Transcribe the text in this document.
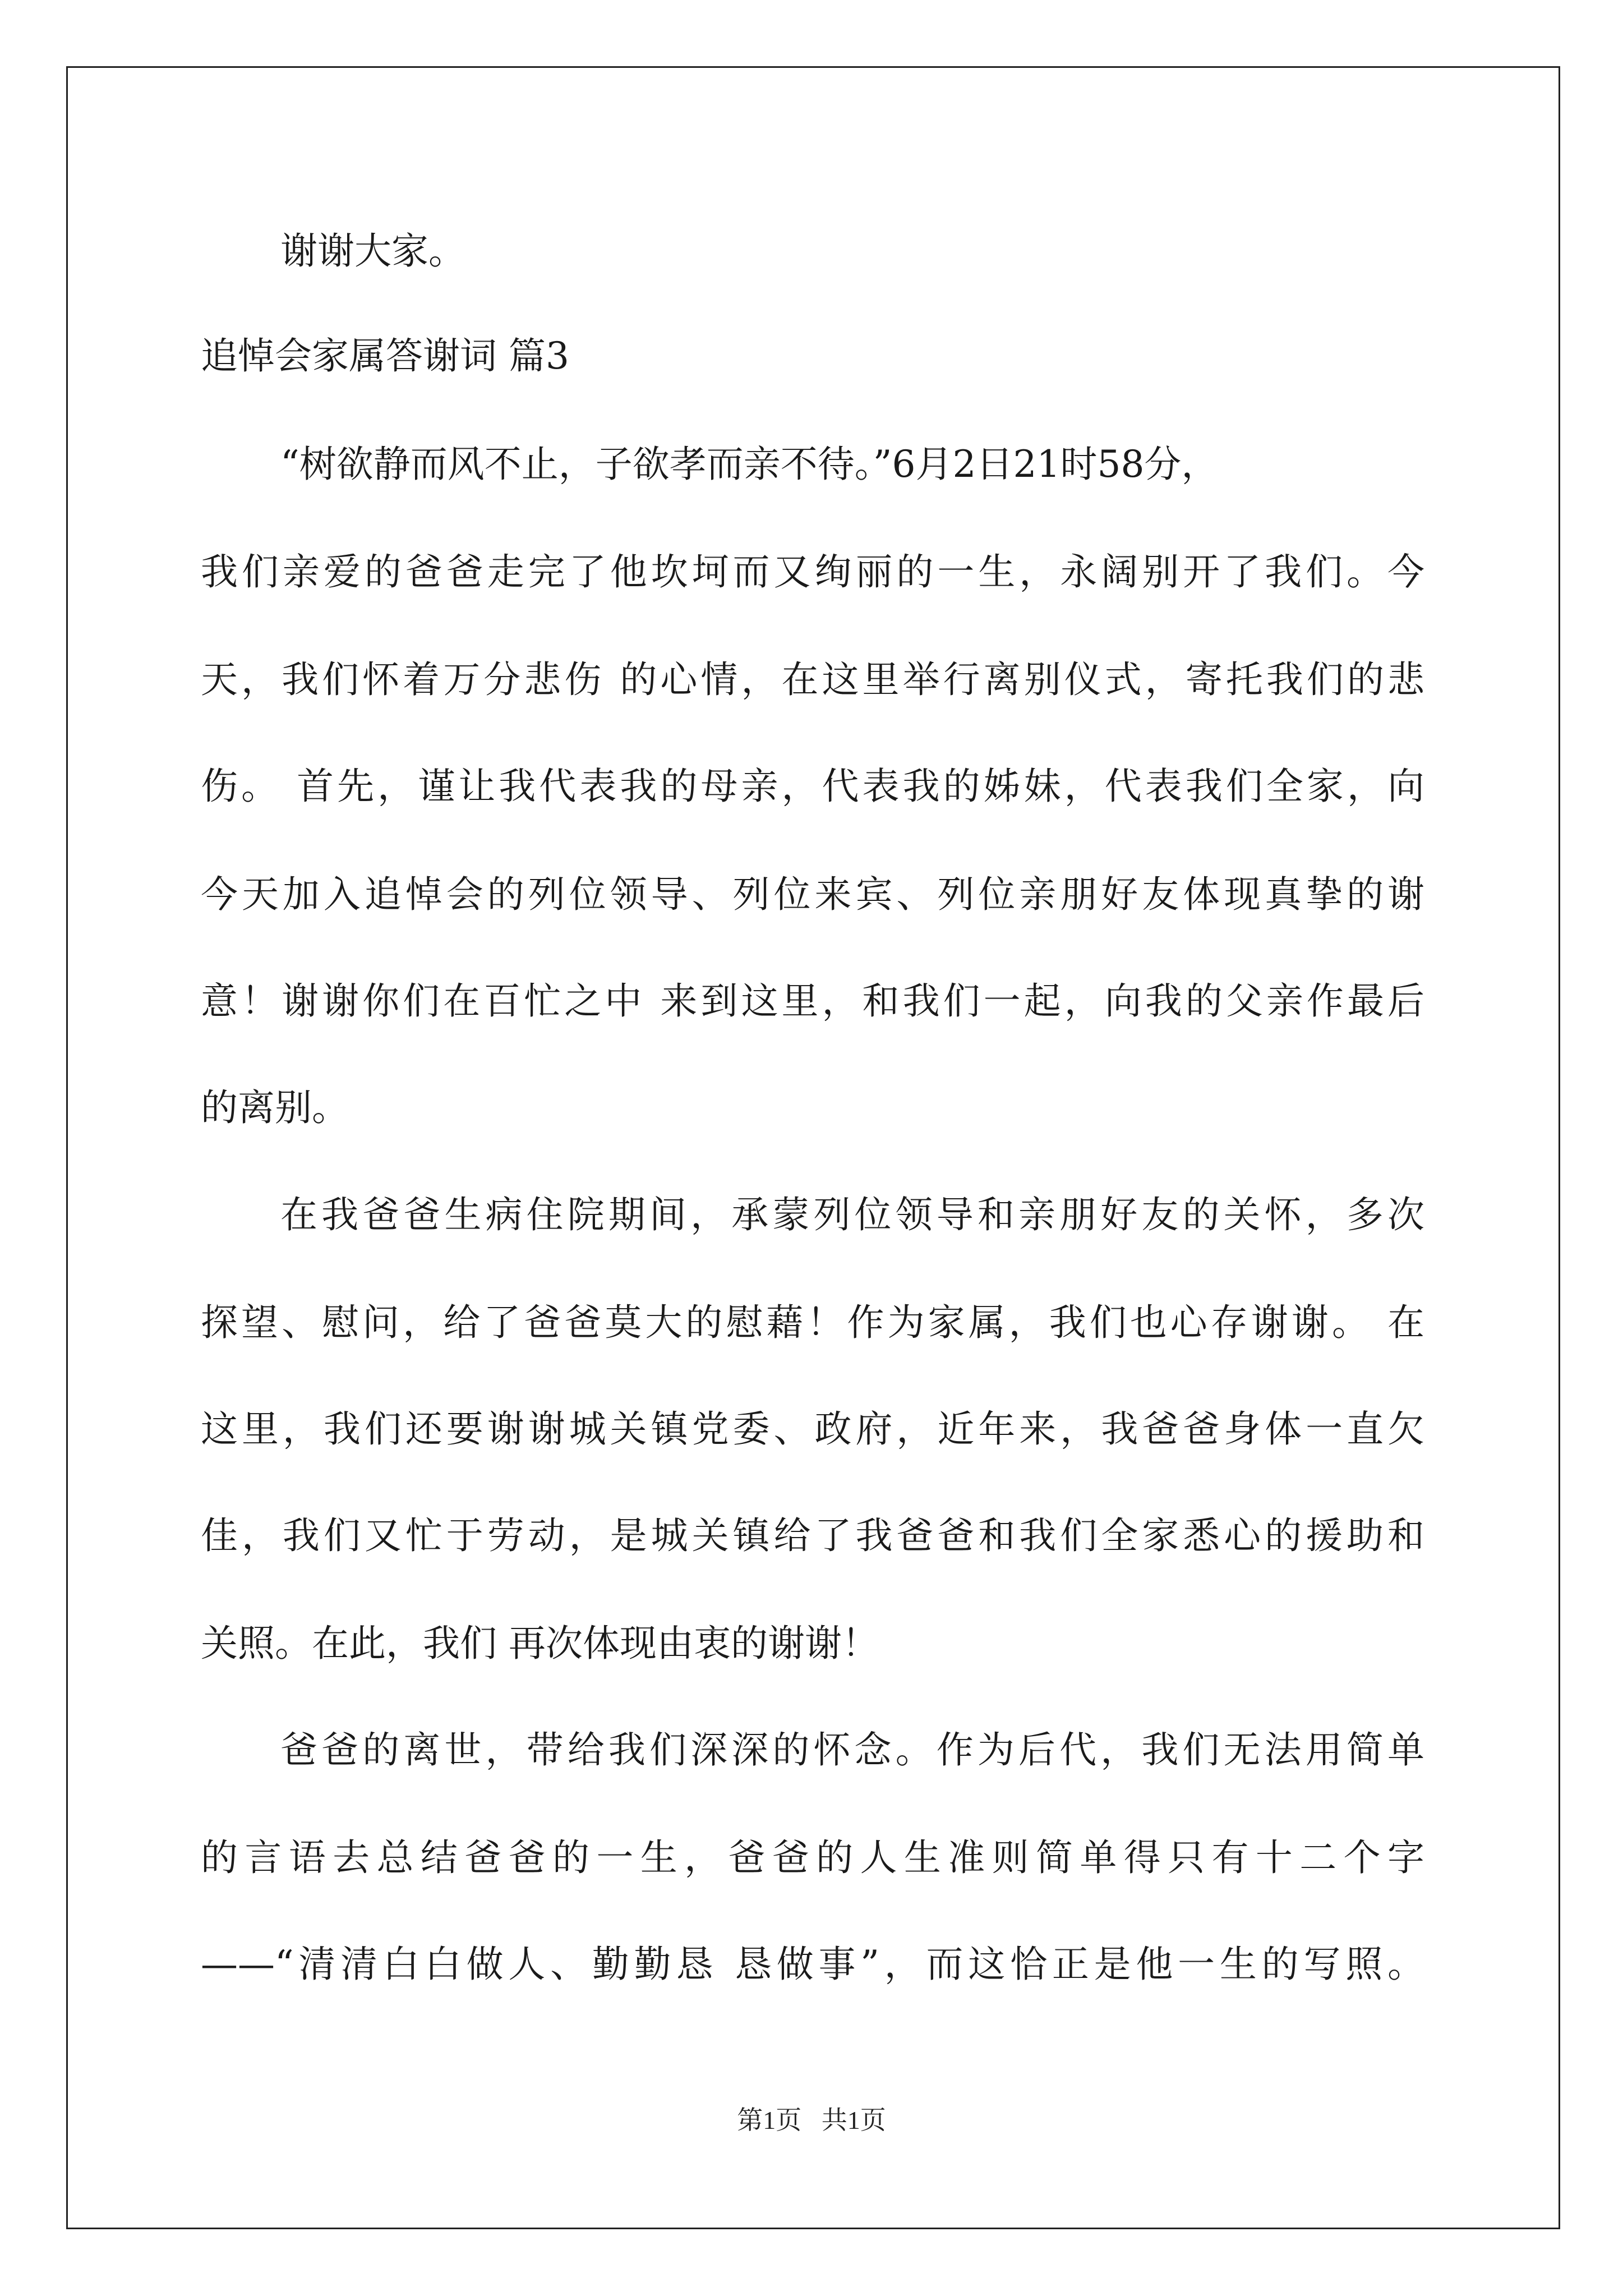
谢谢大家。
追悼会家属答谢词 篇3
“树欲静而风不止，子欲孝而亲不待。”6月2日21时58分，
我们亲爱的爸爸走完了他坎坷而又绚丽的一生，永阔别开了我们。今
天，我们怀着万分悲伤 的心情，在这里举行离别仪式，寄托我们的悲
伤。 首先，谨让我代表我的母亲，代表我的姊妹，代表我们全家，向
今天加入追悼会的列位领导、列位来宾、列位亲朋好友体现真挚的谢
意！谢谢你们在百忙之中 来到这里，和我们一起，向我的父亲作最后
的离别。
在我爸爸生病住院期间，承蒙列位领导和亲朋好友的关怀，多次
探望、慰问，给了爸爸莫大的慰藉！作为家属，我们也心存谢谢。 在
这里，我们还要谢谢城关镇党委、政府，近年来，我爸爸身体一直欠
佳，我们又忙于劳动，是城关镇给了我爸爸和我们全家悉心的援助和
关照。在此，我们 再次体现由衷的谢谢！
爸爸的离世，带给我们深深的怀念。作为后代，我们无法用简单
的言语去总结爸爸的一生，爸爸的人生准则简单得只有十二个字
——“清清白白做人、勤勤恳 恳做事”，而这恰正是他一生的写照。
第1页 共1页
